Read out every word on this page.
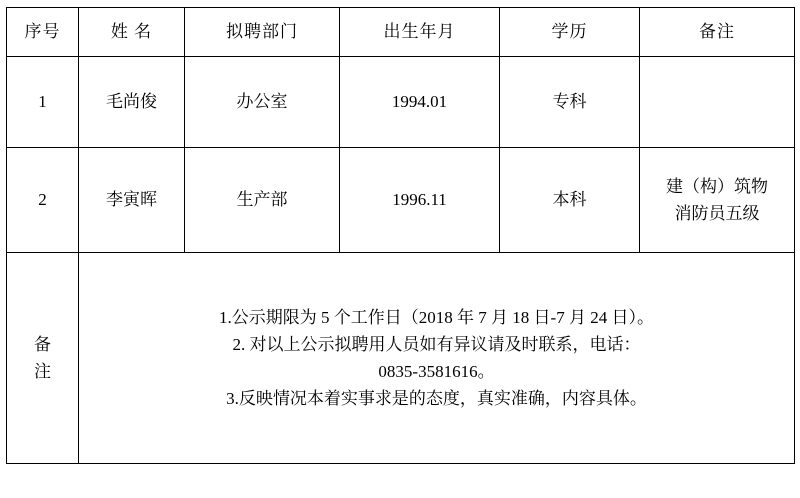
序号	姓 名	拟聘部门	出生年月	学历	备注

1	毛尚俊	办公室	1994.01	专科	

2	李寅晖	生产部	1996.11	本科	建（构）筑物
消防员五级

备
注

1.公示期限为 5 个工作日（2018 年 7 月 18 日-7 月 24 日）。

2. 对以上公示拟聘用人员如有异议请及时联系，电话：

0835-3581616。

3.反映情况本着实事求是的态度，真实准确，内容具体。
